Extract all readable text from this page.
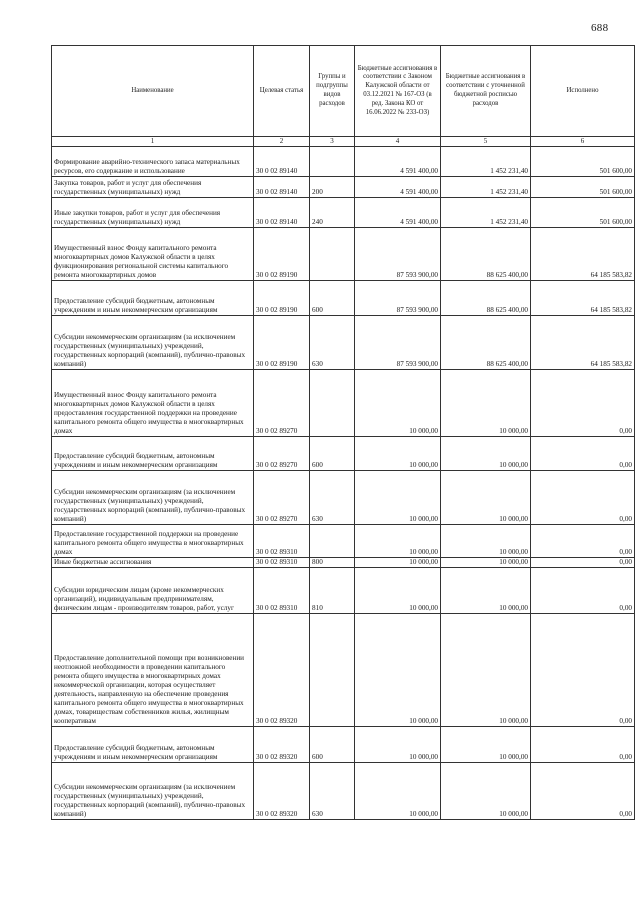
688
Наименование	Целевая статья	Группы и подгруппы видов расходов	Бюджетные ассигнования в соответствии с Законом Калужской области от 03.12.2021 № 167-ОЗ (в ред. Закона КО от 16.06.2022 № 233-ОЗ)	Бюджетные ассигнования в соответствии с уточненной бюджетной росписью расходов	Исполнено
1	2	3	4	5	6
Формирование аварийно-технического запаса материальных ресурсов, его содержание и использование	30 0 02 89140		4 591 400,00	1 452 231,40	501 600,00
Закупка товаров, работ и услуг для обеспечения государственных (муниципальных) нужд	30 0 02 89140	200	4 591 400,00	1 452 231,40	501 600,00
Иные закупки товаров, работ и услуг для обеспечения государственных (муниципальных) нужд	30 0 02 89140	240	4 591 400,00	1 452 231,40	501 600,00
Имущественный взнос Фонду капитального ремонта многоквартирных домов Калужской области в целях функционирования региональной системы капитального ремонта многоквартирных домов	30 0 02 89190		87 593 900,00	88 625 400,00	64 185 583,82
Предоставление субсидий бюджетным, автономным учреждениям и иным некоммерческим организациям	30 0 02 89190	600	87 593 900,00	88 625 400,00	64 185 583,82
Субсидии некоммерческим организациям (за исключением государственных (муниципальных) учреждений, государственных корпораций (компаний), публично-правовых компаний)	30 0 02 89190	630	87 593 900,00	88 625 400,00	64 185 583,82
Имущественный взнос Фонду капитального ремонта многоквартирных домов Калужской области в целях предоставления государственной поддержки на проведение капитального ремонта общего имущества в многоквартирных домах	30 0 02 89270		10 000,00	10 000,00	0,00
Предоставление субсидий бюджетным, автономным учреждениям и иным некоммерческим организациям	30 0 02 89270	600	10 000,00	10 000,00	0,00
Субсидии некоммерческим организациям (за исключением государственных (муниципальных) учреждений, государственных корпораций (компаний), публично-правовых компаний)	30 0 02 89270	630	10 000,00	10 000,00	0,00
Предоставление государственной поддержки на проведение капитального ремонта общего имущества в многоквартирных домах	30 0 02 89310		10 000,00	10 000,00	0,00
Иные бюджетные ассигнования	30 0 02 89310	800	10 000,00	10 000,00	0,00
Субсидии юридическим лицам (кроме некоммерческих организаций), индивидуальным предпринимателям, физическим лицам - производителям товаров, работ, услуг	30 0 02 89310	810	10 000,00	10 000,00	0,00
Предоставление дополнительной помощи при возникновении неотложной необходимости в проведении капитального ремонта общего имущества в многоквартирных домах некоммерческой организации, которая осуществляет деятельность, направленную на обеспечение проведения капитального ремонта общего имущества в многоквартирных домах, товариществам собственников жилья, жилищным кооперативам	30 0 02 89320		10 000,00	10 000,00	0,00
Предоставление субсидий бюджетным, автономным учреждениям и иным некоммерческим организациям	30 0 02 89320	600	10 000,00	10 000,00	0,00
Субсидии некоммерческим организациям (за исключением государственных (муниципальных) учреждений, государственных корпораций (компаний), публично-правовых компаний)	30 0 02 89320	630	10 000,00	10 000,00	0,00
